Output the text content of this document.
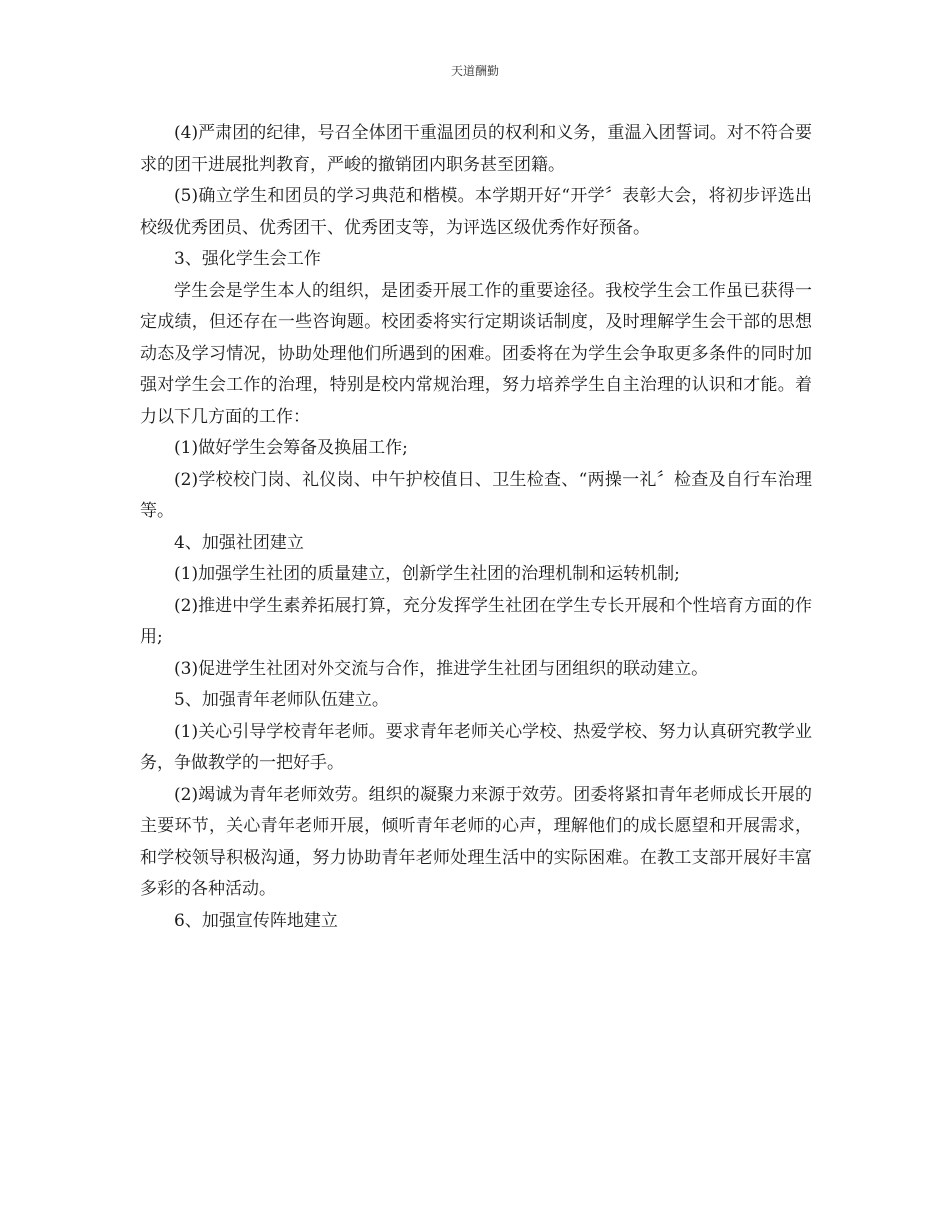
天道酬勤

(4)严肃团的纪律，号召全体团干重温团员的权利和义务，重温入团誓词。对不符合要求的团干进展批判教育，严峻的撤销团内职务甚至团籍。

(5)确立学生和团员的学习典范和楷模。本学期开好“开学〞表彰大会，将初步评选出校级优秀团员、优秀团干、优秀团支等，为评选区级优秀作好预备。

3、强化学生会工作

学生会是学生本人的组织，是团委开展工作的重要途径。我校学生会工作虽已获得一定成绩，但还存在一些咨询题。校团委将实行定期谈话制度，及时理解学生会干部的思想动态及学习情况，协助处理他们所遇到的困难。团委将在为学生会争取更多条件的同时加强对学生会工作的治理，特别是校内常规治理，努力培养学生自主治理的认识和才能。着力以下几方面的工作：

(1)做好学生会筹备及换届工作;

(2)学校校门岗、礼仪岗、中午护校值日、卫生检查、“两操一礼〞检查及自行车治理等。

4、加强社团建立

(1)加强学生社团的质量建立，创新学生社团的治理机制和运转机制;

(2)推进中学生素养拓展打算，充分发挥学生社团在学生专长开展和个性培育方面的作用;

(3)促进学生社团对外交流与合作，推进学生社团与团组织的联动建立。

5、加强青年老师队伍建立。

(1)关心引导学校青年老师。要求青年老师关心学校、热爱学校、努力认真研究教学业务，争做教学的一把好手。

(2)竭诚为青年老师效劳。组织的凝聚力来源于效劳。团委将紧扣青年老师成长开展的主要环节，关心青年老师开展，倾听青年老师的心声，理解他们的成长愿望和开展需求，和学校领导积极沟通，努力协助青年老师处理生活中的实际困难。在教工支部开展好丰富多彩的各种活动。

6、加强宣传阵地建立
